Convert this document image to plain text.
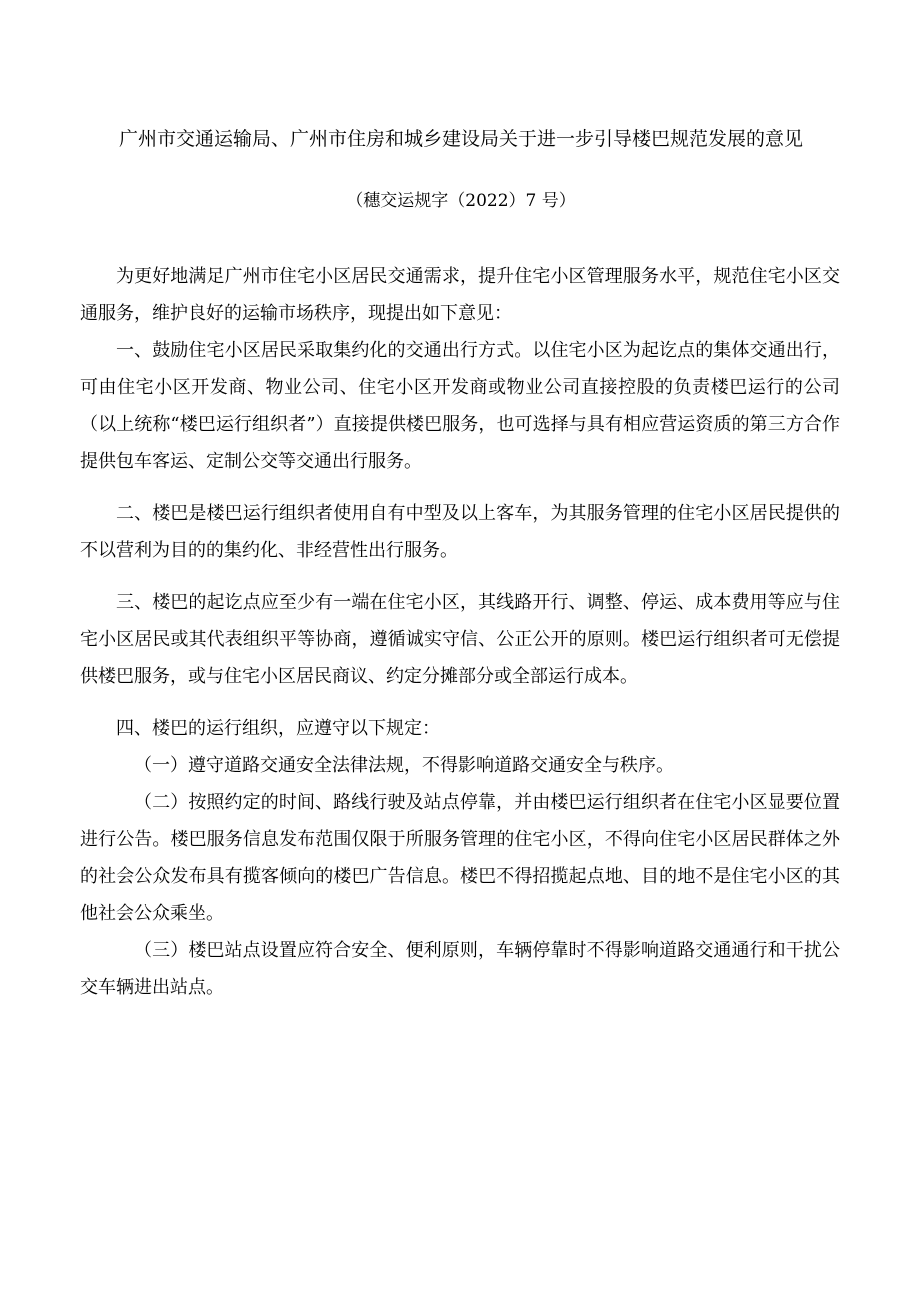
广州市交通运输局、广州市住房和城乡建设局关于进一步引导楼巴规范发展的意见
（穗交运规字（2022）7 号）

为更好地满足广州市住宅小区居民交通需求，提升住宅小区管理服务水平，规范住宅小区交通服务，维护良好的运输市场秩序，现提出如下意见：

一、鼓励住宅小区居民采取集约化的交通出行方式。以住宅小区为起讫点的集体交通出行，可由住宅小区开发商、物业公司、住宅小区开发商或物业公司直接控股的负责楼巴运行的公司（以上统称“楼巴运行组织者”）直接提供楼巴服务，也可选择与具有相应营运资质的第三方合作提供包车客运、定制公交等交通出行服务。

二、楼巴是楼巴运行组织者使用自有中型及以上客车，为其服务管理的住宅小区居民提供的不以营利为目的的集约化、非经营性出行服务。

三、楼巴的起讫点应至少有一端在住宅小区，其线路开行、调整、停运、成本费用等应与住宅小区居民或其代表组织平等协商，遵循诚实守信、公正公开的原则。楼巴运行组织者可无偿提供楼巴服务，或与住宅小区居民商议、约定分摊部分或全部运行成本。

四、楼巴的运行组织，应遵守以下规定：

（一）遵守道路交通安全法律法规，不得影响道路交通安全与秩序。

（二）按照约定的时间、路线行驶及站点停靠，并由楼巴运行组织者在住宅小区显要位置进行公告。楼巴服务信息发布范围仅限于所服务管理的住宅小区，不得向住宅小区居民群体之外的社会公众发布具有揽客倾向的楼巴广告信息。楼巴不得招揽起点地、目的地不是住宅小区的其他社会公众乘坐。

（三）楼巴站点设置应符合安全、便利原则，车辆停靠时不得影响道路交通通行和干扰公交车辆进出站点。
